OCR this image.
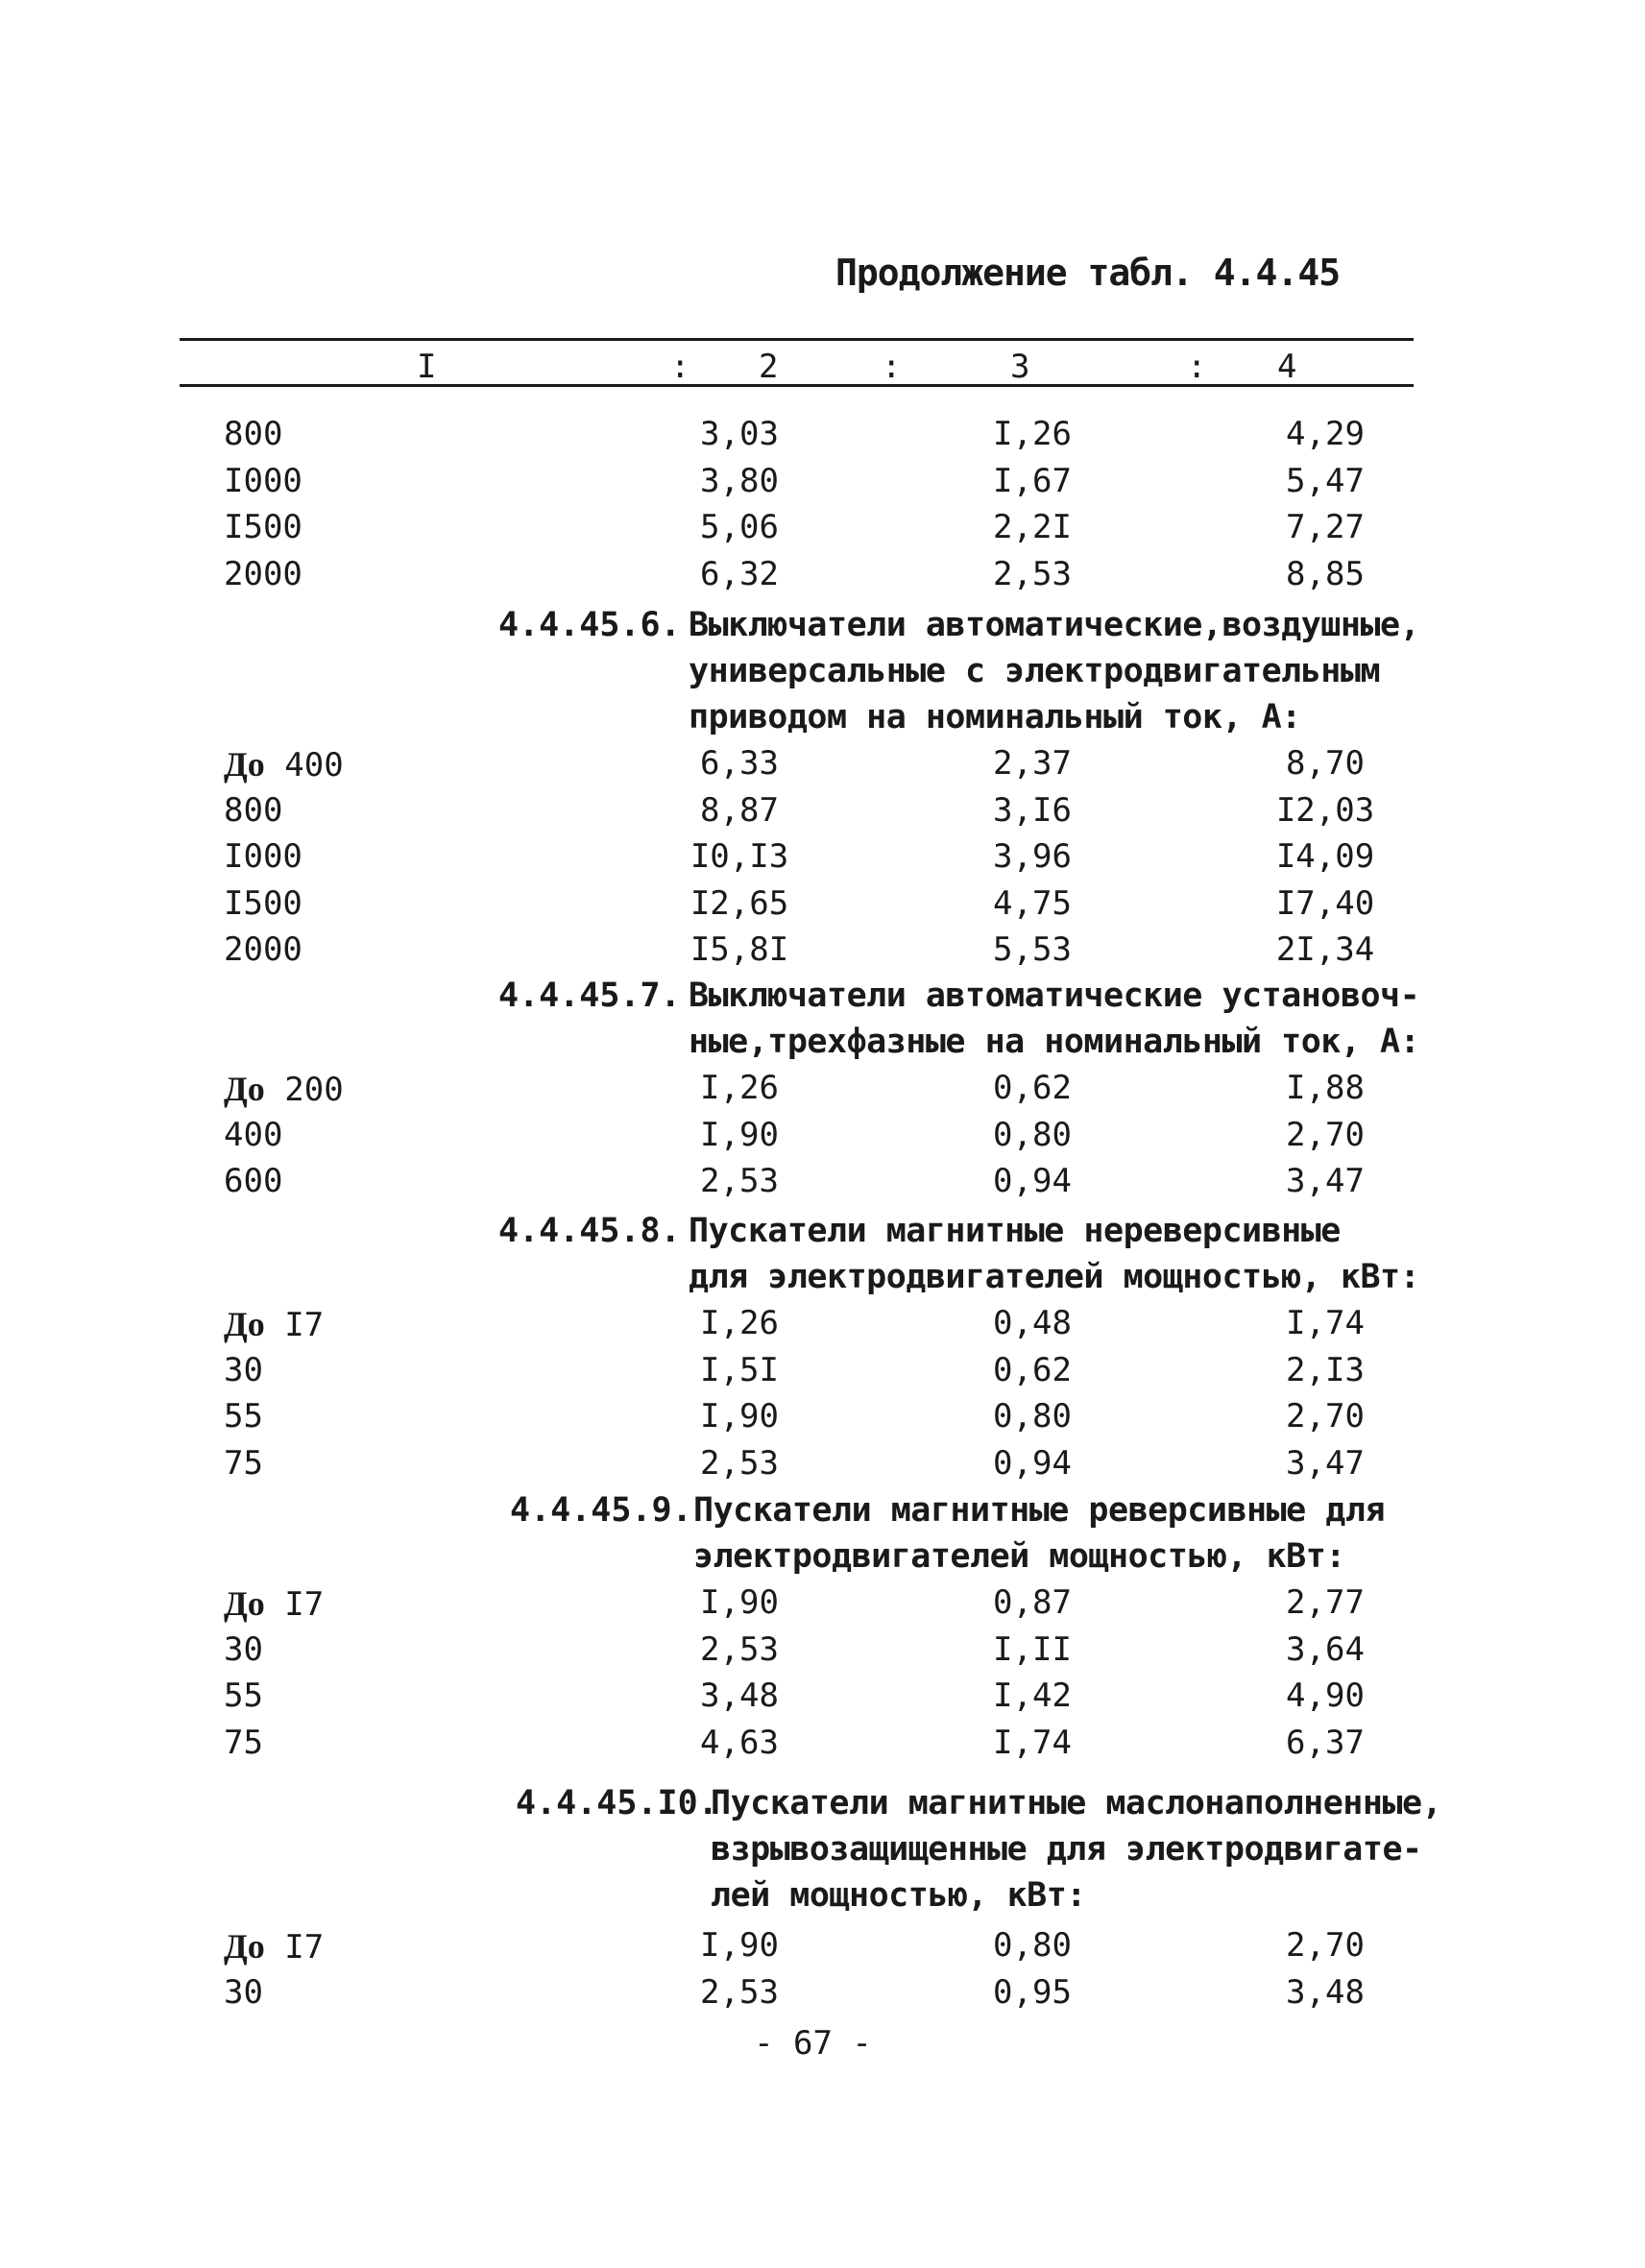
Продолжение табл. 4.4.45
I	: 2	:	3	: 4
800	3,03	I,26	4,29
I000	3,80	I,67	5,47
I500	5,06	2,2I	7,27
2000	6,32	2,53	8,85
4.4.45.6. Выключатели автоматические,воздушные,
универсальные с электродвигательным
приводом на номинальный ток, А:
До 400	6,33	2,37	8,70
800	8,87	3,I6	I2,03
I000	I0,I3	3,96	I4,09
I500	I2,65	4,75	I7,40
2000	I5,8I	5,53	2I,34
4.4.45.7. Выключатели автоматические установоч-
ные,трехфазные на номинальный ток, А:
До 200	I,26	0,62	I,88
400	I,90	0,80	2,70
600	2,53	0,94	3,47
4.4.45.8. Пускатели магнитные нереверсивные
для электродвигателей мощностью, кВт:
До I7	I,26	0,48	I,74
30	I,5I	0,62	2,I3
55	I,90	0,80	2,70
75	2,53	0,94	3,47
4.4.45.9. Пускатели магнитные реверсивные для
электродвигателей мощностью, кВт:
До I7	I,90	0,87	2,77
30	2,53	I,II	3,64
55	3,48	I,42	4,90
75	4,63	I,74	6,37
4.4.45.I0.
Пускатели магнитные маслонаполненные,
взрывозащищенные для электродвигате-
лей мощностью, кВт:
До I7	I,90	0,80	2,70
30	2,53	0,95	3,48
- 67 -
